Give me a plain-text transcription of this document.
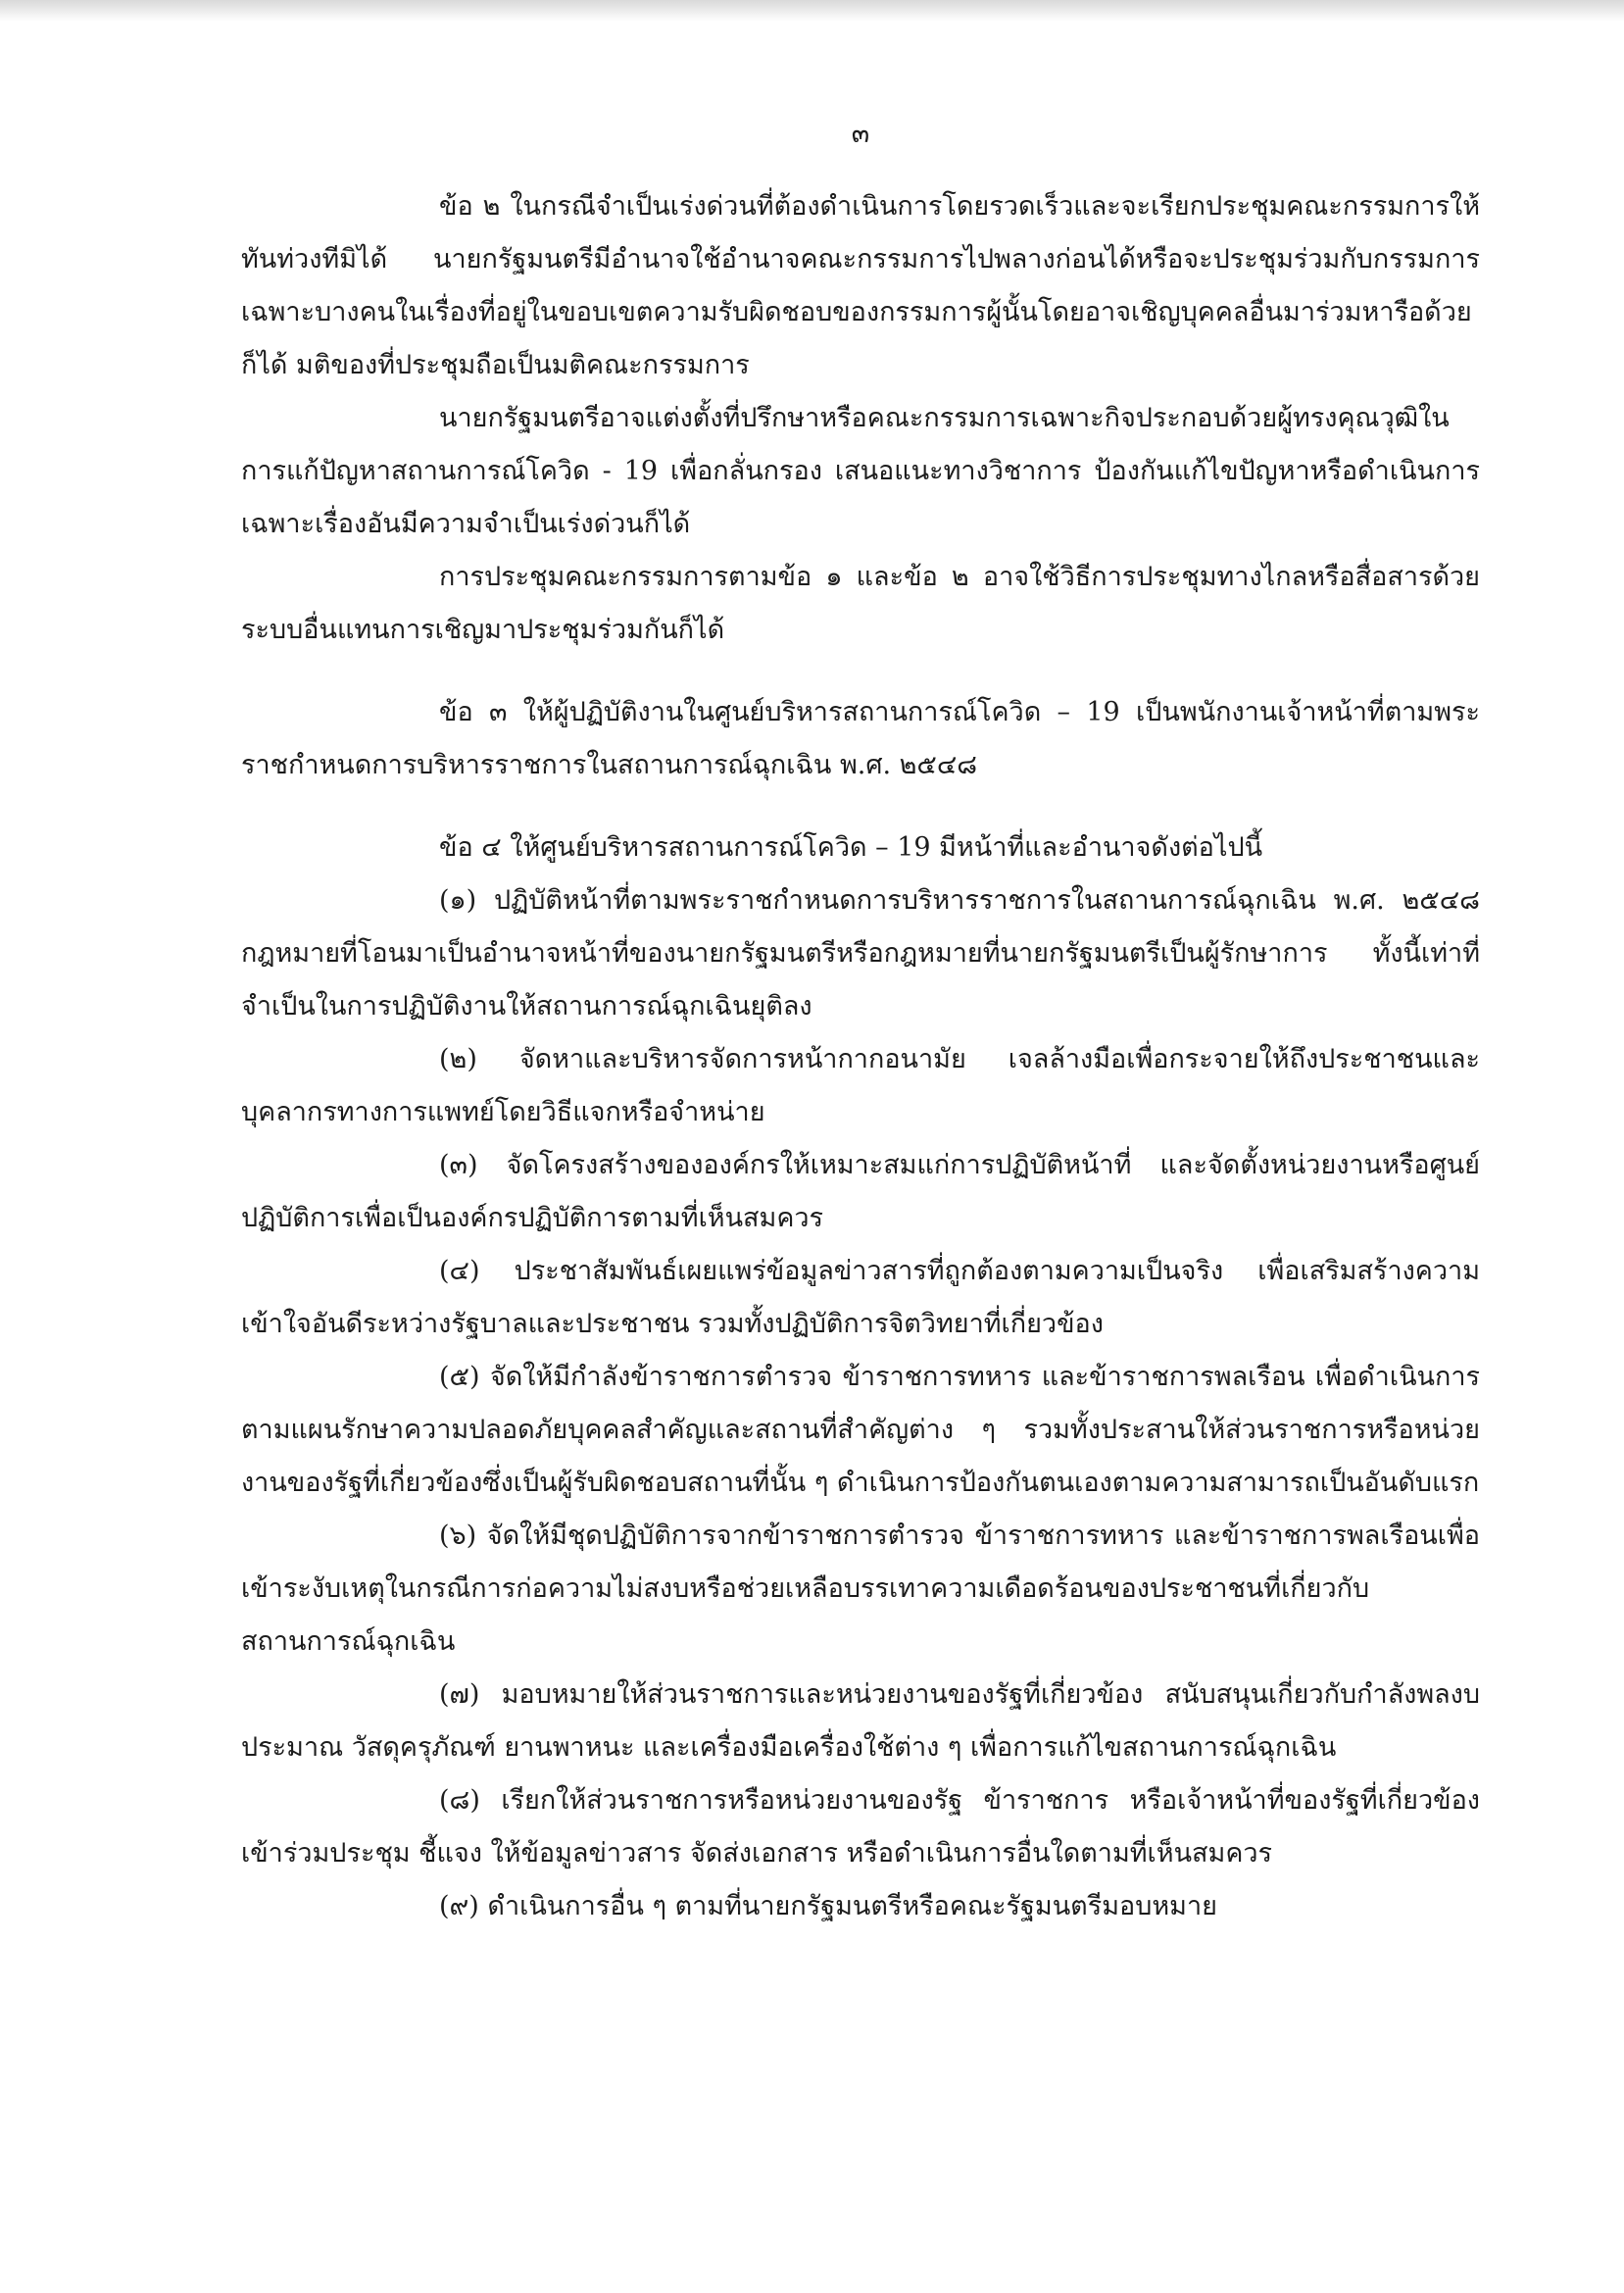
๓

ข้อ ๒ ในกรณีจำเป็นเร่งด่วนที่ต้องดำเนินการโดยรวดเร็วและจะเรียกประชุมคณะกรรมการให้ทันท่วงทีมิได้ นายกรัฐมนตรีมีอำนาจใช้อำนาจคณะกรรมการไปพลางก่อนได้หรือจะประชุมร่วมกับกรรมการเฉพาะบางคนในเรื่องที่อยู่ในขอบเขตความรับผิดชอบของกรรมการผู้นั้นโดยอาจเชิญบุคคลอื่นมาร่วมหารือด้วยก็ได้ มติของที่ประชุมถือเป็นมติคณะกรรมการ

นายกรัฐมนตรีอาจแต่งตั้งที่ปรึกษาหรือคณะกรรมการเฉพาะกิจประกอบด้วยผู้ทรงคุณวุฒิในการแก้ปัญหาสถานการณ์โควิด - 19 เพื่อกลั่นกรอง เสนอแนะทางวิชาการ ป้องกันแก้ไขปัญหาหรือดำเนินการเฉพาะเรื่องอันมีความจำเป็นเร่งด่วนก็ได้

การประชุมคณะกรรมการตามข้อ ๑ และข้อ ๒ อาจใช้วิธีการประชุมทางไกลหรือสื่อสารด้วยระบบอื่นแทนการเชิญมาประชุมร่วมกันก็ได้

ข้อ ๓ ให้ผู้ปฏิบัติงานในศูนย์บริหารสถานการณ์โควิด – 19 เป็นพนักงานเจ้าหน้าที่ตามพระราชกำหนดการบริหารราชการในสถานการณ์ฉุกเฉิน พ.ศ. ๒๕๔๘

ข้อ ๔ ให้ศูนย์บริหารสถานการณ์โควิด – 19 มีหน้าที่และอำนาจดังต่อไปนี้

(๑) ปฏิบัติหน้าที่ตามพระราชกำหนดการบริหารราชการในสถานการณ์ฉุกเฉิน พ.ศ. ๒๕๔๘ กฎหมายที่โอนมาเป็นอำนาจหน้าที่ของนายกรัฐมนตรีหรือกฎหมายที่นายกรัฐมนตรีเป็นผู้รักษาการ ทั้งนี้เท่าที่จำเป็นในการปฏิบัติงานให้สถานการณ์ฉุกเฉินยุติลง

(๒) จัดหาและบริหารจัดการหน้ากากอนามัย เจลล้างมือเพื่อกระจายให้ถึงประชาชนและบุคลากรทางการแพทย์โดยวิธีแจกหรือจำหน่าย

(๓) จัดโครงสร้างขององค์กรให้เหมาะสมแก่การปฏิบัติหน้าที่ และจัดตั้งหน่วยงานหรือศูนย์ปฏิบัติการเพื่อเป็นองค์กรปฏิบัติการตามที่เห็นสมควร

(๔) ประชาสัมพันธ์เผยแพร่ข้อมูลข่าวสารที่ถูกต้องตามความเป็นจริง เพื่อเสริมสร้างความเข้าใจอันดีระหว่างรัฐบาลและประชาชน รวมทั้งปฏิบัติการจิตวิทยาที่เกี่ยวข้อง

(๕) จัดให้มีกำลังข้าราชการตำรวจ ข้าราชการทหาร และข้าราชการพลเรือน เพื่อดำเนินการตามแผนรักษาความปลอดภัยบุคคลสำคัญและสถานที่สำคัญต่าง ๆ รวมทั้งประสานให้ส่วนราชการหรือหน่วยงานของรัฐที่เกี่ยวข้องซึ่งเป็นผู้รับผิดชอบสถานที่นั้น ๆ ดำเนินการป้องกันตนเองตามความสามารถเป็นอันดับแรก

(๖) จัดให้มีชุดปฏิบัติการจากข้าราชการตำรวจ ข้าราชการทหาร และข้าราชการพลเรือนเพื่อเข้าระงับเหตุในกรณีการก่อความไม่สงบหรือช่วยเหลือบรรเทาความเดือดร้อนของประชาชนที่เกี่ยวกับสถานการณ์ฉุกเฉิน

(๗) มอบหมายให้ส่วนราชการและหน่วยงานของรัฐที่เกี่ยวข้อง สนับสนุนเกี่ยวกับกำลังพลงบประมาณ วัสดุครุภัณฑ์ ยานพาหนะ และเครื่องมือเครื่องใช้ต่าง ๆ เพื่อการแก้ไขสถานการณ์ฉุกเฉิน

(๘) เรียกให้ส่วนราชการหรือหน่วยงานของรัฐ ข้าราชการ หรือเจ้าหน้าที่ของรัฐที่เกี่ยวข้องเข้าร่วมประชุม ชี้แจง ให้ข้อมูลข่าวสาร จัดส่งเอกสาร หรือดำเนินการอื่นใดตามที่เห็นสมควร

(๙) ดำเนินการอื่น ๆ ตามที่นายกรัฐมนตรีหรือคณะรัฐมนตรีมอบหมาย
